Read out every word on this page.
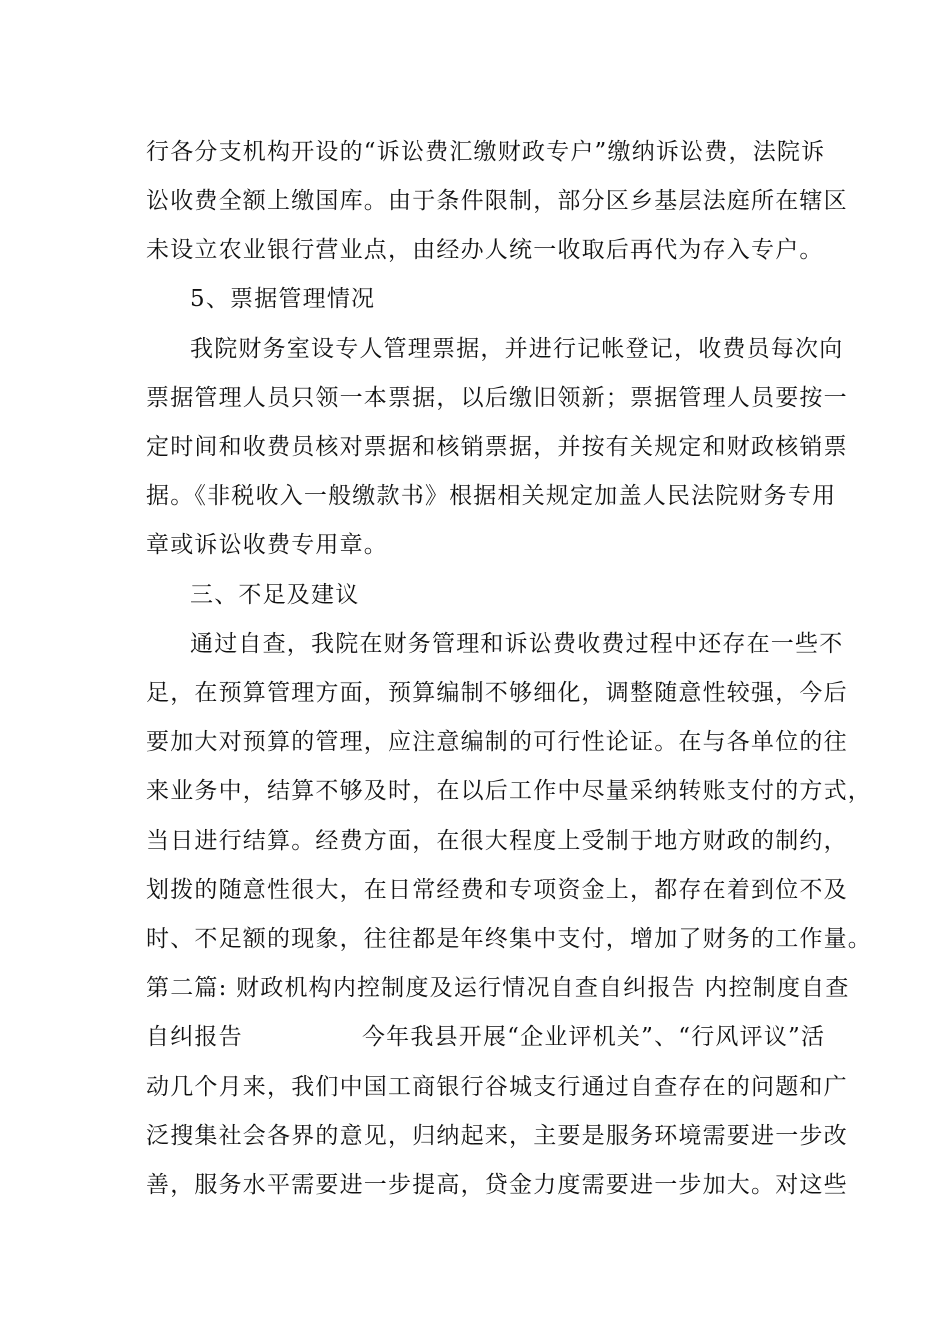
行各分支机构开设的“诉讼费汇缴财政专户”缴纳诉讼费，法院诉
讼收费全额上缴国库。由于条件限制，部分区乡基层法庭所在辖区
未设立农业银行营业点，由经办人统一收取后再代为存入专户。
5、票据管理情况
我院财务室设专人管理票据，并进行记帐登记，收费员每次向
票据管理人员只领一本票据，以后缴旧领新；票据管理人员要按一
定时间和收费员核对票据和核销票据，并按有关规定和财政核销票
据。《非税收入一般缴款书》根据相关规定加盖人民法院财务专用
章或诉讼收费专用章。
三、不足及建议
通过自查，我院在财务管理和诉讼费收费过程中还存在一些不
足，在预算管理方面，预算编制不够细化，调整随意性较强，今后
要加大对预算的管理，应注意编制的可行性论证。在与各单位的往
来业务中，结算不够及时，在以后工作中尽量采纳转账支付的方式，
当日进行结算。经费方面，在很大程度上受制于地方财政的制约，
划拨的随意性很大，在日常经费和专项资金上，都存在着到位不及
时、不足额的现象，往往都是年终集中支付，增加了财务的工作量。
第二篇: 财政机构内控制度及运行情况自查自纠报告 内控制度自查
自纠报告              今年我县开展“企业评机关”、“行风评议”活
动几个月来，我们中国工商银行谷城支行通过自查存在的问题和广
泛搜集社会各界的意见，归纳起来，主要是服务环境需要进一步改
善，服务水平需要进一步提高，贷金力度需要进一步加大。对这些
